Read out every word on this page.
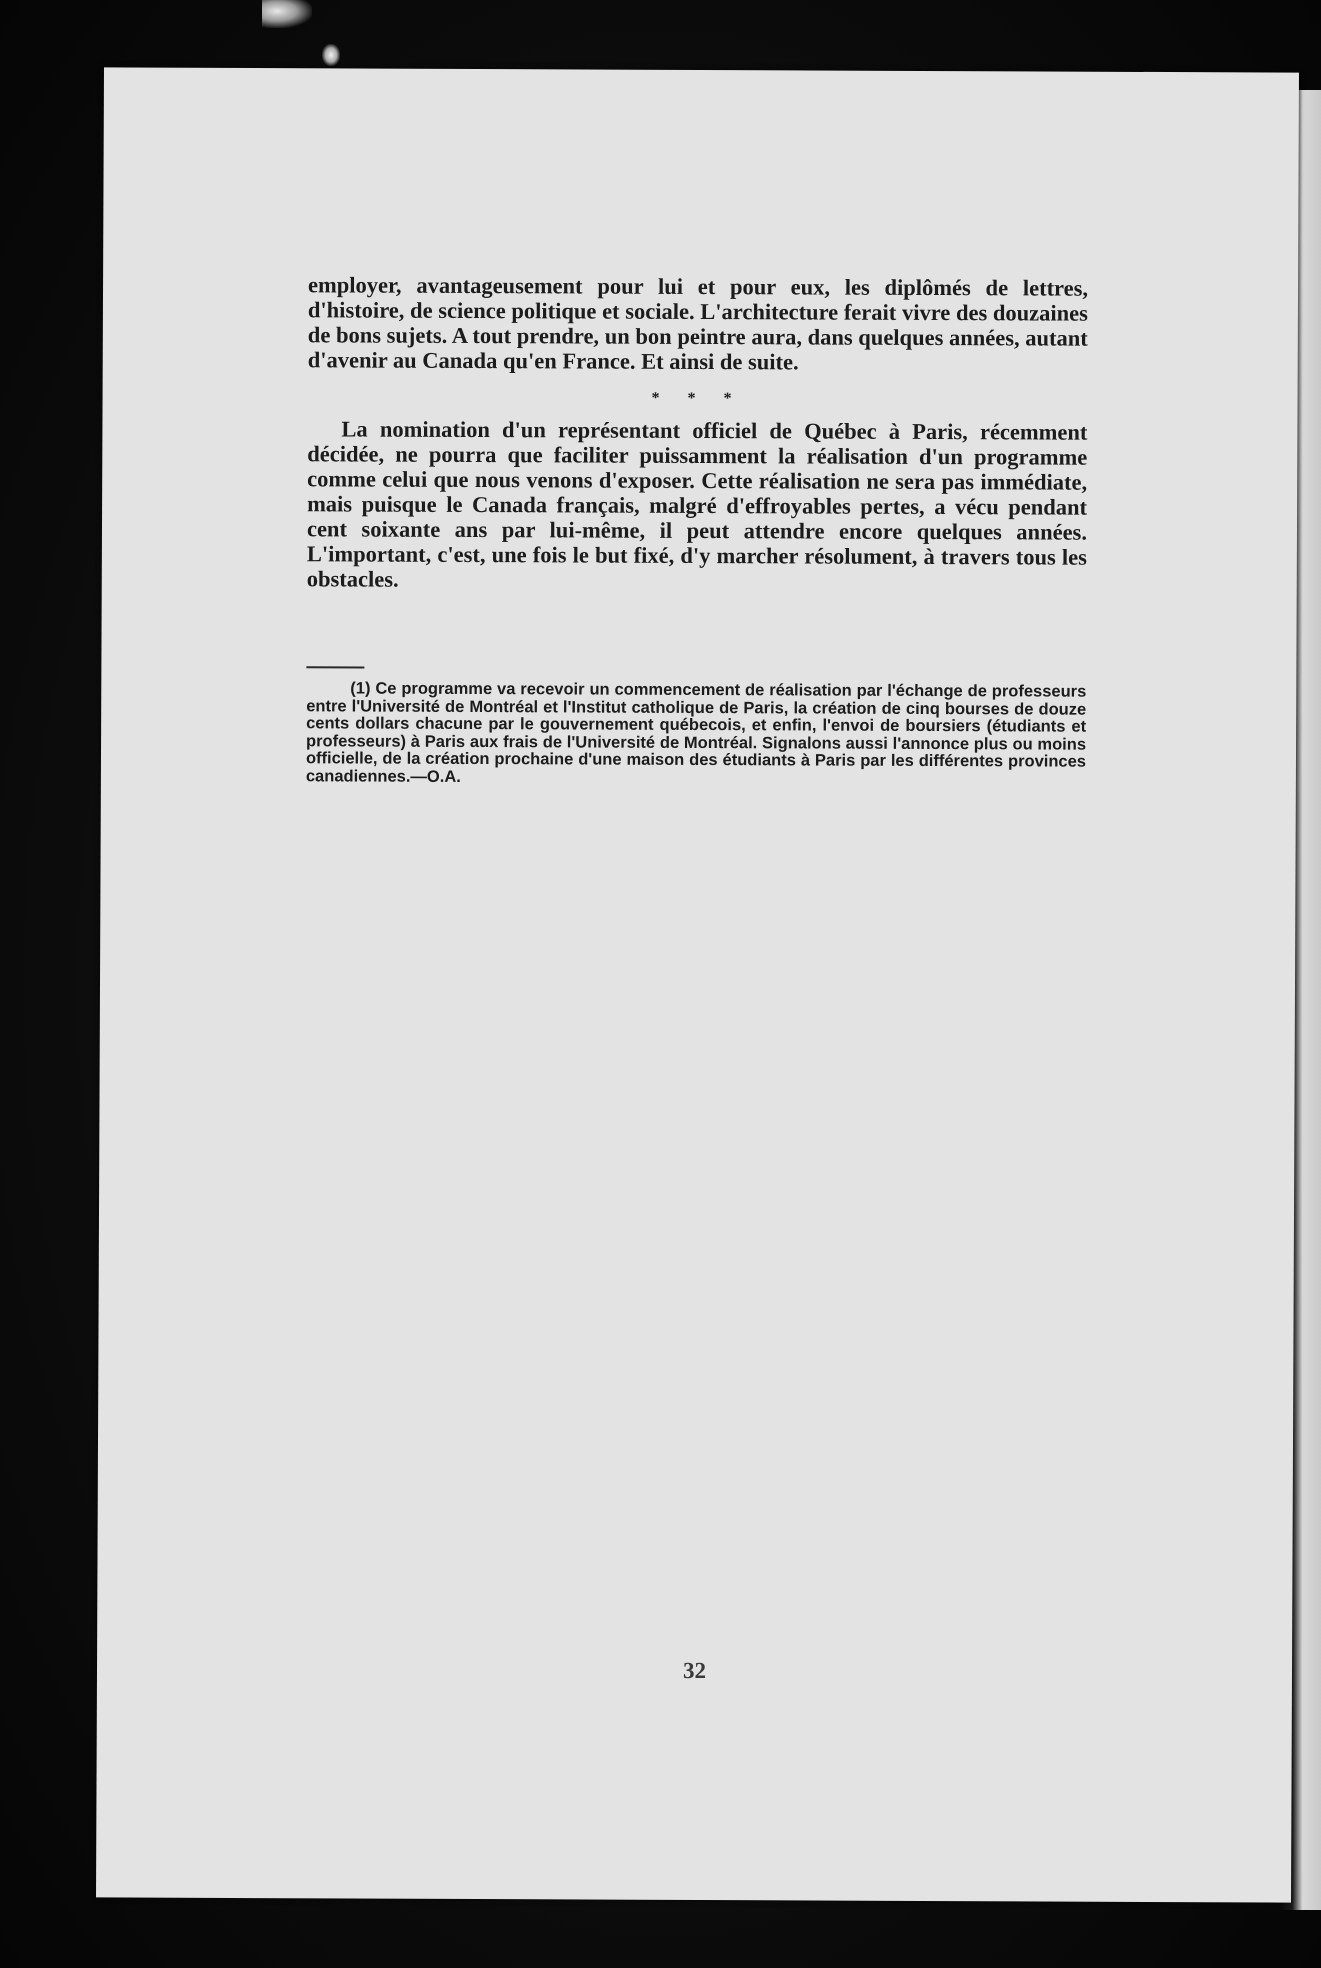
employer, avantageusement pour lui et pour eux, les diplômés de lettres, d'histoire, de science politique et sociale. L'architecture ferait vivre des douzaines de bons sujets. A tout prendre, un bon peintre aura, dans quelques années, autant d'avenir au Canada qu'en France. Et ainsi de suite.

* * *

La nomination d'un représentant officiel de Québec à Paris, récemment décidée, ne pourra que faciliter puissamment la réalisation d'un programme comme celui que nous venons d'exposer. Cette réalisation ne sera pas immédiate, mais puisque le Canada français, malgré d'effroyables pertes, a vécu pendant cent soixante ans par lui-même, il peut attendre encore quelques années. L'important, c'est, une fois le but fixé, d'y marcher résolument, à travers tous les obstacles.

(1) Ce programme va recevoir un commencement de réalisation par l'échange de professeurs entre l'Université de Montréal et l'Institut catholique de Paris, la création de cinq bourses de douze cents dollars chacune par le gouvernement québecois, et enfin, l'envoi de boursiers (étudiants et professeurs) à Paris aux frais de l'Université de Montréal. Signalons aussi l'annonce plus ou moins officielle, de la création prochaine d'une maison des étudiants à Paris par les différentes provinces canadiennes.—O.A.

32
